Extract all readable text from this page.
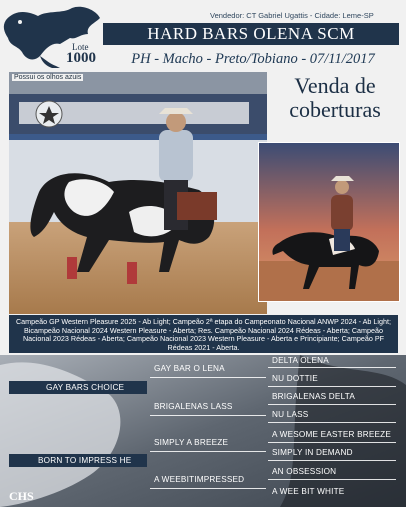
Lote
1000
Vendedor: CT Gabriel Ugattis - Cidade: Leme-SP
HARD BARS OLENA SCM
PH - Macho - Preto/Tobiano - 07/11/2017
Possui os olhos azuis	Venda de coberturas
Campeão GP Western Pleasure 2025 - Ab Light; Campeão 2ª etapa do Campeonato Nacional ANWP 2024 - Ab Light; Bicampeão Nacional 2024 Western Pleasure - Aberta; Res. Campeão Nacional 2024 Rédeas - Aberta; Campeão Nacional 2023 Rédeas - Aberta; Campeão Nacional 2023 Western Pleasure - Aberta e Principiante; Campeão PF Rédeas 2021 - Aberta.
GAY BARS CHOICE
BORN TO IMPRESS HE
GAY BAR O LENA
BRIGALENAS LASS
SIMPLY A BREEZE
A WEEBITIMPRESSED
DELTA OLENA
NU DOTTIE
BRIGALENAS DELTA
NU LASS
A WESOME EASTER BREEZE
SIMPLY IN DEMAND
AN OBSESSION
A WEE BIT WHITE
CHS
